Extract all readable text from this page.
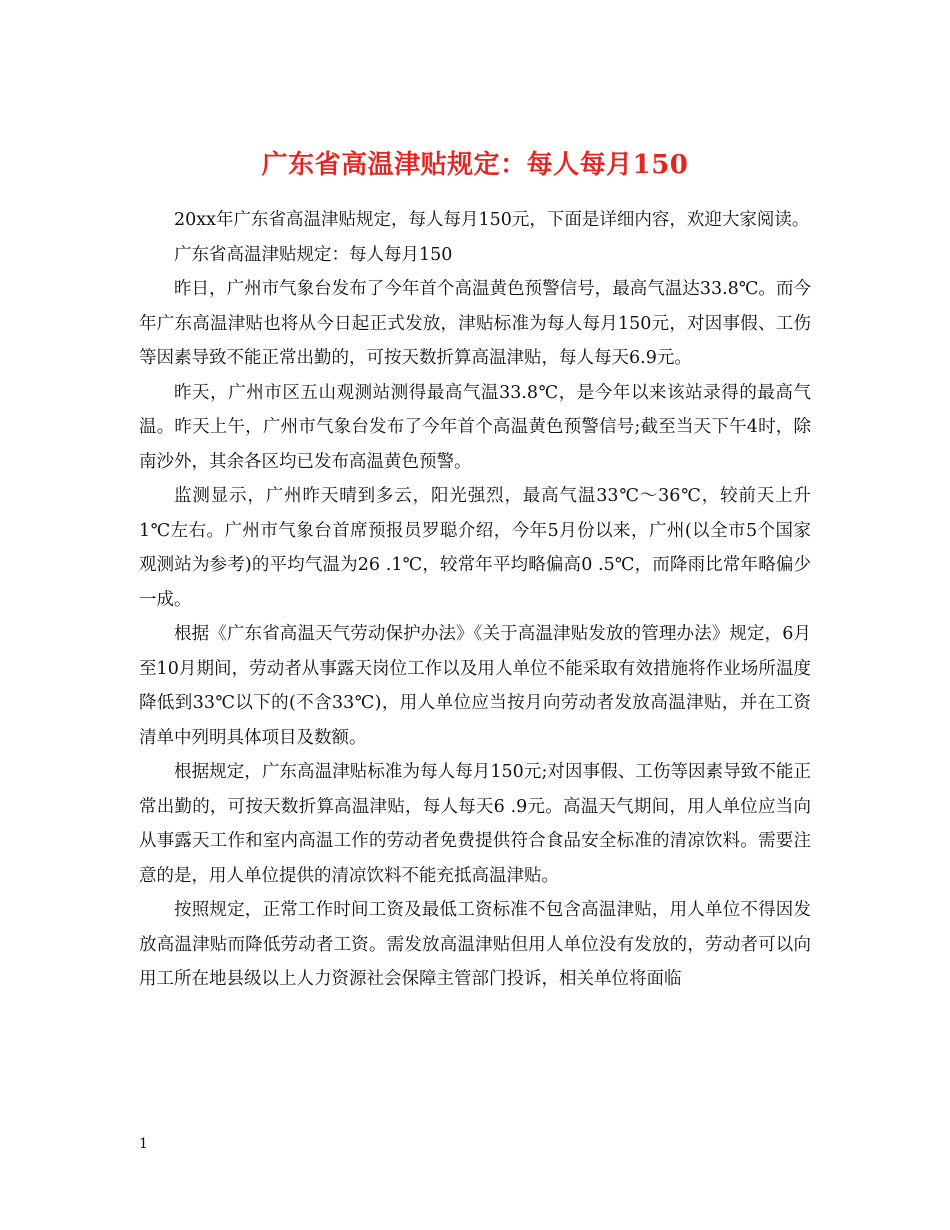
广东省高温津贴规定：每人每月150

20xx年广东省高温津贴规定，每人每月150元，下面是详细内容，欢迎大家阅读。

广东省高温津贴规定：每人每月150

昨日，广州市气象台发布了今年首个高温黄色预警信号，最高气温达33.8℃。而今年广东高温津贴也将从今日起正式发放，津贴标准为每人每月150元，对因事假、工伤等因素导致不能正常出勤的，可按天数折算高温津贴，每人每天6.9元。

昨天，广州市区五山观测站测得最高气温33.8℃，是今年以来该站录得的最高气温。昨天上午，广州市气象台发布了今年首个高温黄色预警信号;截至当天下午4时，除南沙外，其余各区均已发布高温黄色预警。

监测显示，广州昨天晴到多云，阳光强烈，最高气温33℃～36℃，较前天上升1℃左右。广州市气象台首席预报员罗聪介绍，今年5月份以来，广州(以全市5个国家观测站为参考)的平均气温为26 .1℃，较常年平均略偏高0 .5℃，而降雨比常年略偏少一成。

根据《广东省高温天气劳动保护办法》《关于高温津贴发放的管理办法》规定，6月至10月期间，劳动者从事露天岗位工作以及用人单位不能采取有效措施将作业场所温度降低到33℃以下的(不含33℃)，用人单位应当按月向劳动者发放高温津贴，并在工资清单中列明具体项目及数额。

根据规定，广东高温津贴标准为每人每月150元;对因事假、工伤等因素导致不能正常出勤的，可按天数折算高温津贴，每人每天6 .9元。高温天气期间，用人单位应当向从事露天工作和室内高温工作的劳动者免费提供符合食品安全标准的清凉饮料。需要注意的是，用人单位提供的清凉饮料不能充抵高温津贴。

按照规定，正常工作时间工资及最低工资标准不包含高温津贴，用人单位不得因发放高温津贴而降低劳动者工资。需发放高温津贴但用人单位没有发放的，劳动者可以向用工所在地县级以上人力资源社会保障主管部门投诉，相关单位将面临

1
